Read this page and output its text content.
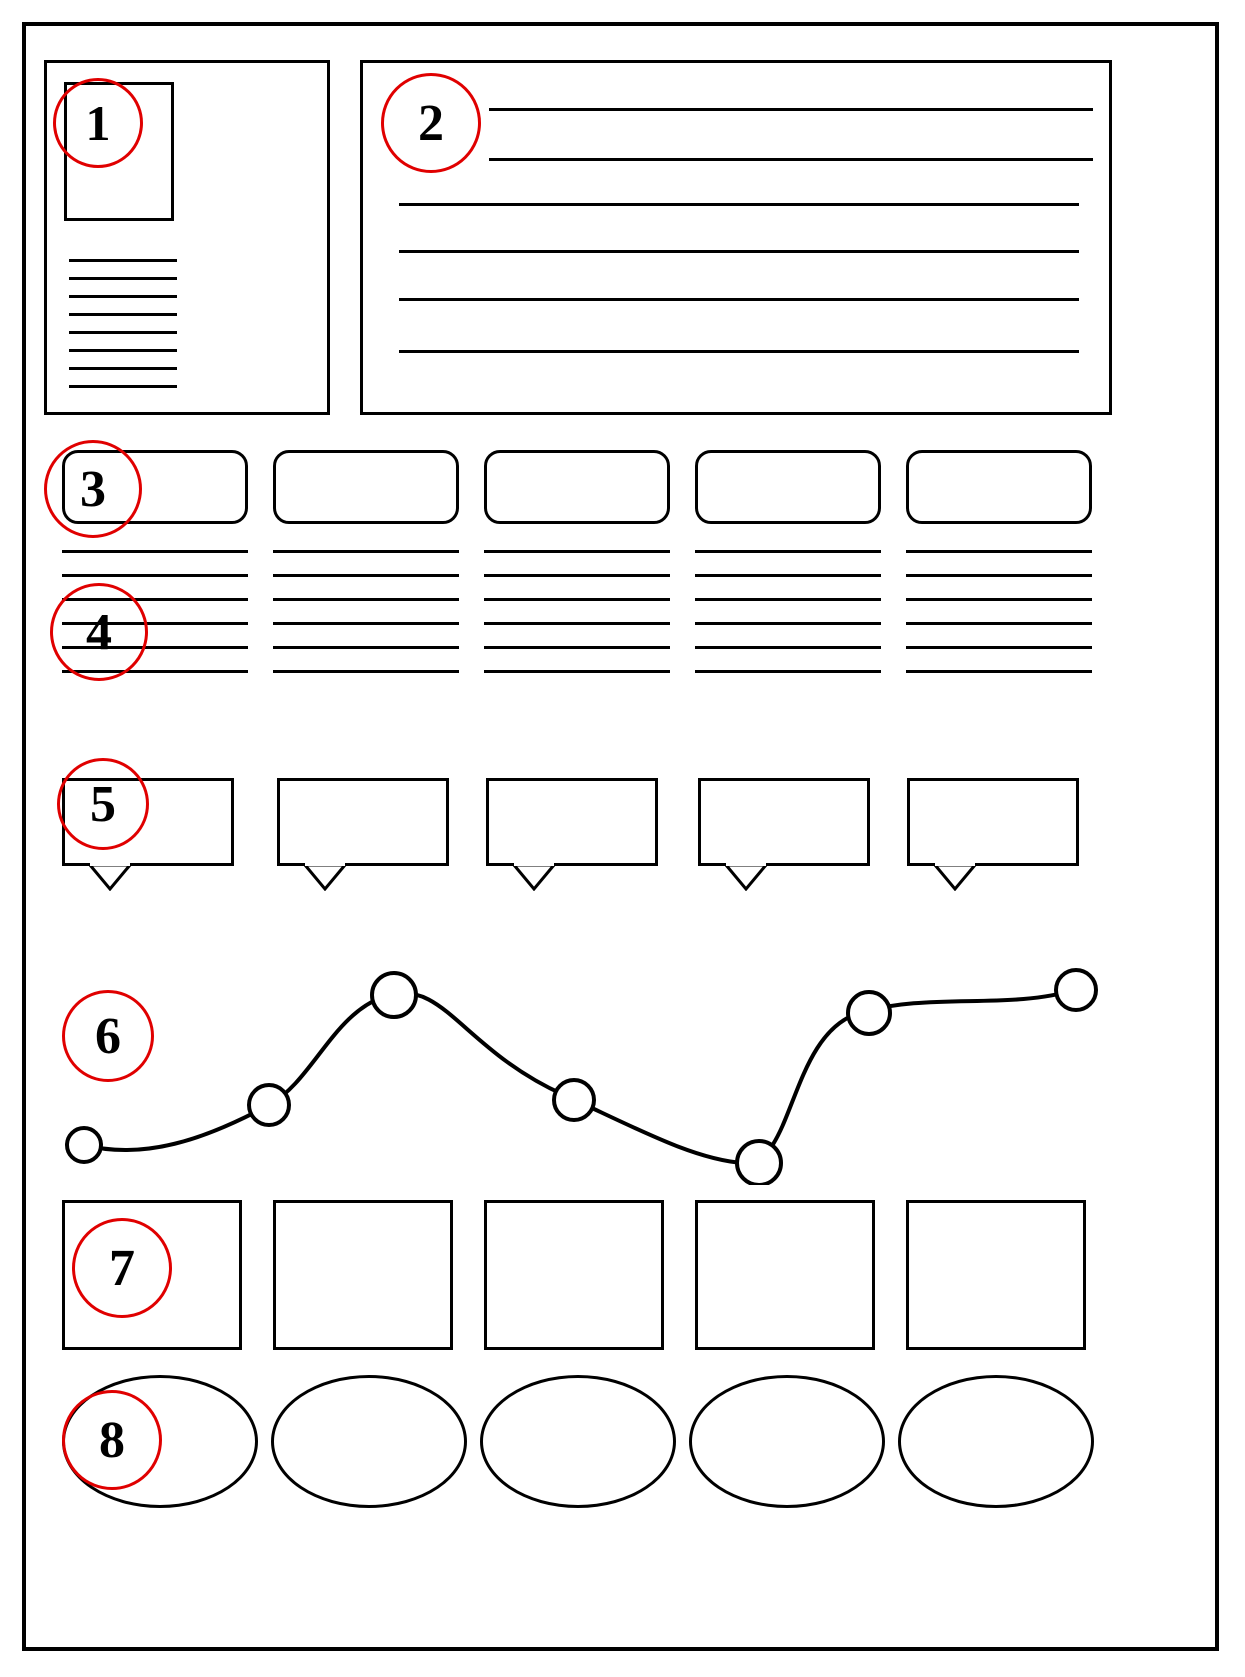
1	2
3
4
5
6
7
8
